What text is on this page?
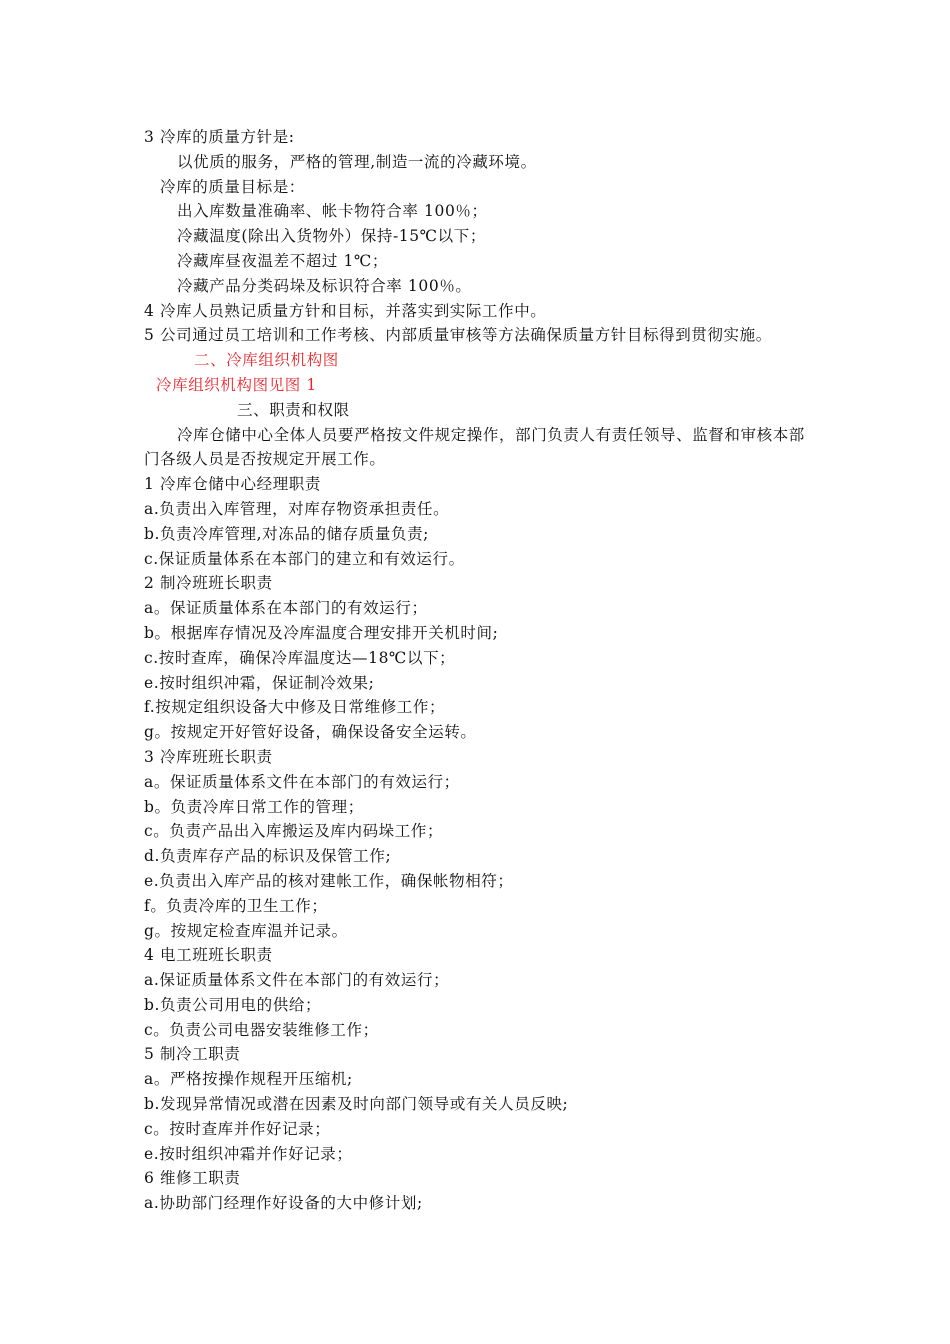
3 冷库的质量方针是:
以优质的服务，严格的管理,制造一流的冷藏环境。
冷库的质量目标是：
出入库数量准确率、帐卡物符合率 100％；
冷藏温度(除出入货物外）保持-15℃以下；
冷藏库昼夜温差不超过 1℃；
冷藏产品分类码垛及标识符合率 100％。
4 冷库人员熟记质量方针和目标，并落实到实际工作中。
5 公司通过员工培训和工作考核、内部质量审核等方法确保质量方针目标得到贯彻实施。
二、冷库组织机构图
冷库组织机构图见图 1
三、职责和权限
冷库仓储中心全体人员要严格按文件规定操作，部门负责人有责任领导、监督和审核本部门各级人员是否按规定开展工作。
1 冷库仓储中心经理职责
a.负责出入库管理，对库存物资承担责任。
b.负责冷库管理,对冻品的储存质量负责;
c.保证质量体系在本部门的建立和有效运行。
2 制冷班班长职责
a。保证质量体系在本部门的有效运行；
b。根据库存情况及冷库温度合理安排开关机时间;
c.按时查库，确保冷库温度达—18℃以下；
e.按时组织冲霜，保证制冷效果;
f.按规定组织设备大中修及日常维修工作；
g。按规定开好管好设备，确保设备安全运转。
3 冷库班班长职责
a。保证质量体系文件在本部门的有效运行；
b。负责冷库日常工作的管理；
c。负责产品出入库搬运及库内码垛工作；
d.负责库存产品的标识及保管工作;
e.负责出入库产品的核对建帐工作，确保帐物相符；
f。负责冷库的卫生工作；
g。按规定检查库温并记录。
4 电工班班长职责
a.保证质量体系文件在本部门的有效运行；
b.负责公司用电的供给；
c。负责公司电器安装维修工作；
5 制冷工职责
a。严格按操作规程开压缩机;
b.发现异常情况或潜在因素及时向部门领导或有关人员反映;
c。按时查库并作好记录；
e.按时组织冲霜并作好记录；
6 维修工职责
a.协助部门经理作好设备的大中修计划;
